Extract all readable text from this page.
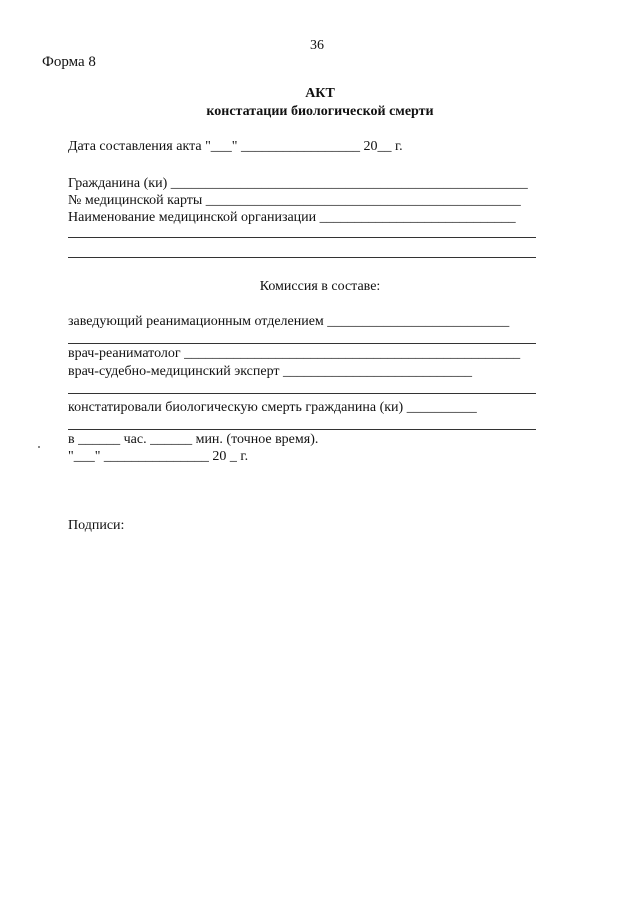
36
Форма 8
АКТ
констатации биологической смерти
Дата составления акта "___" _________________ 20__ г.
Гражданина (ки) ___________________________________________________
№ медицинской карты _____________________________________________
Наименование медицинской организации ____________________________
Комиссия в составе:
заведующий реанимационным отделением __________________________
врач-реаниматолог ________________________________________________
врач-судебно-медицинский эксперт ___________________________
констатировали биологическую смерть гражданина (ки) __________
в ______ час. ______ мин. (точное время).
"___" _______________ 20 _ г.
Подписи:
